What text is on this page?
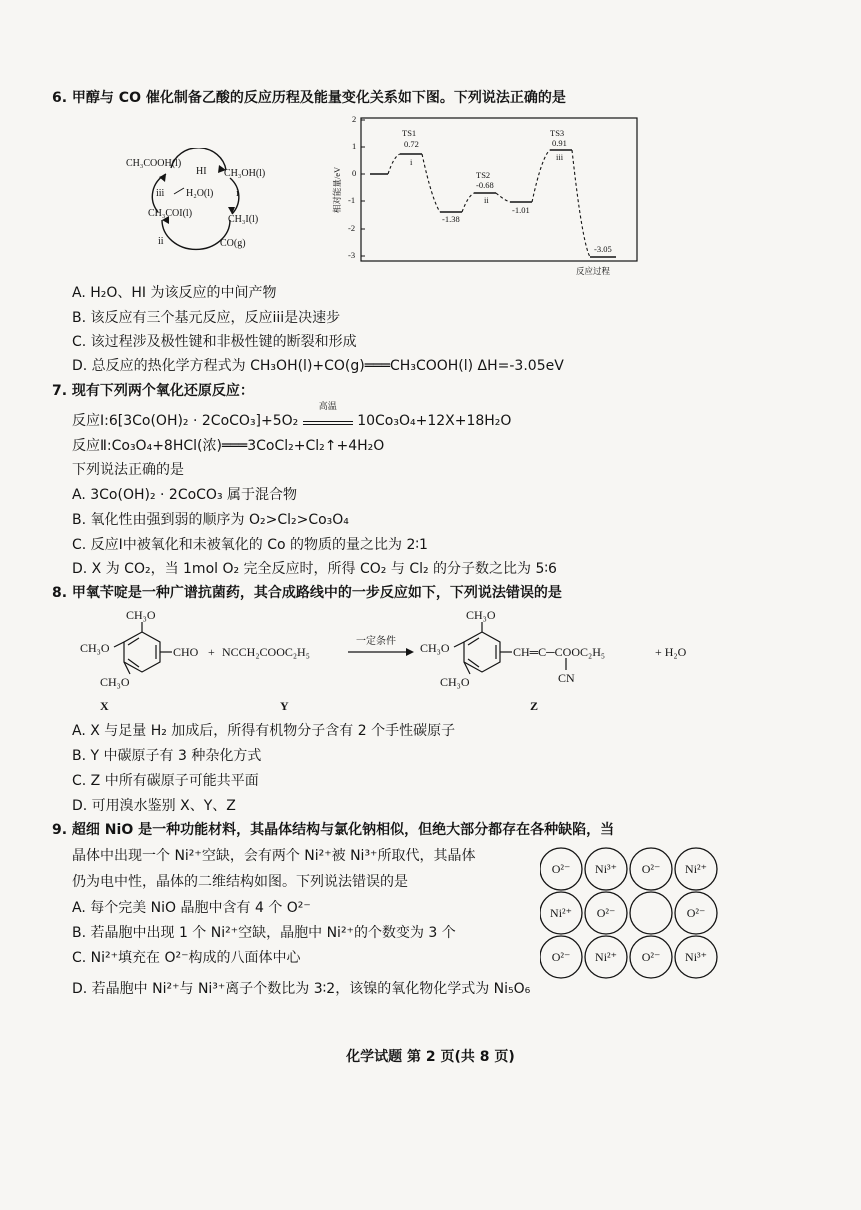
6. 甲醇与 CO 催化制备乙酸的反应历程及能量变化关系如下图。下列说法正确的是
CH₃COOH(l)
HI CH₃OH(l)
H₂O(l)
iii	i
CH₃COI(l)
CH₃I(l)
ii	CO(g)
相对能量/eV
2
1
0
-1
-2
-3
TS1
0.72
i
-1.38
TS2
-0.68
ii
-1.01
TS3
0.91
iii
-3.05
反应过程
A. H₂O、HI 为该反应的中间产物
B. 该反应有三个基元反应，反应iii是决速步
C. 该过程涉及极性键和非极性键的断裂和形成
D. 总反应的热化学方程式为 CH₃OH(l)+CO(g)═══CH₃COOH(l) ΔH=-3.05eV
7. 现有下列两个氧化还原反应：
反应Ⅰ:6[3Co(OH)₂ · 2CoCO₃]+5O₂
高温
10Co₃O₄+12X+18H₂O
反应Ⅱ:Co₃O₄+8HCl(浓)═══3CoCl₂+Cl₂↑+4H₂O
下列说法正确的是
A. 3Co(OH)₂ · 2CoCO₃ 属于混合物
B. 氧化性由强到弱的顺序为 O₂>Cl₂>Co₃O₄
C. 反应Ⅰ中被氧化和未被氧化的 Co 的物质的量之比为 2∶1
D. X 为 CO₂，当 1mol O₂ 完全反应时，所得 CO₂ 与 Cl₂ 的分子数之比为 5∶6
8. 甲氧苄啶是一种广谱抗菌药，其合成路线中的一步反应如下，下列说法错误的是
CH₃O
CH₃O
CH₃O
CHO + NCCH₂COOC₂H₅
一定条件
CH₃O
CH₃O
CH₃O
CH═C─COOC₂H₅
CN
+ H₂O
X	Y	Z
A. X 与足量 H₂ 加成后，所得有机物分子含有 2 个手性碳原子
B. Y 中碳原子有 3 种杂化方式
C. Z 中所有碳原子可能共平面
D. 可用溴水鉴别 X、Y、Z
9. 超细 NiO 是一种功能材料，其晶体结构与氯化钠相似，但绝大部分都存在各种缺陷，当
晶体中出现一个 Ni²⁺空缺，会有两个 Ni²⁺被 Ni³⁺所取代，其晶体
仍为电中性，晶体的二维结构如图。下列说法错误的是
O²⁻ Ni³⁺ O²⁻ Ni²⁺
Ni²⁺ O²⁻	O²⁻
O²⁻ Ni²⁺ O²⁻ Ni³⁺
A. 每个完美 NiO 晶胞中含有 4 个 O²⁻
B. 若晶胞中出现 1 个 Ni²⁺空缺，晶胞中 Ni²⁺的个数变为 3 个
C. Ni²⁺填充在 O²⁻构成的八面体中心
D. 若晶胞中 Ni²⁺与 Ni³⁺离子个数比为 3∶2，该镍的氧化物化学式为 Ni₅O₆
化学试题 第 2 页(共 8 页)
